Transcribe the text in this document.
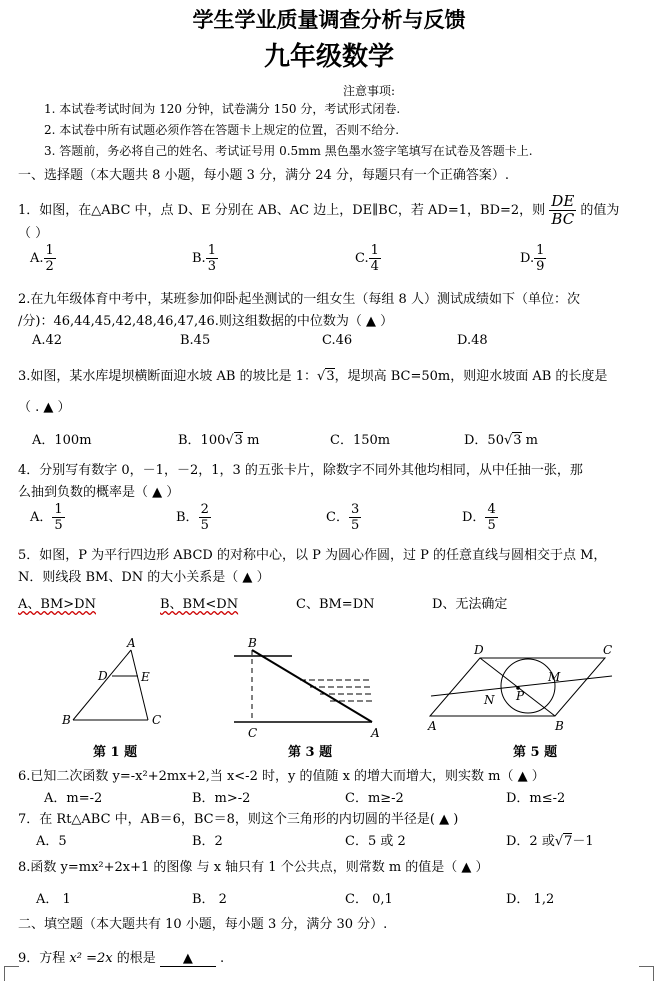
学生学业质量调查分析与反馈
九年级数学
注意事项:
1. 本试卷考试时间为 120 分钟，试卷满分 150 分，考试形式闭卷.
2. 本试卷中所有试题必须作答在答题卡上规定的位置，否则不给分.
3. 答题前，务必将自己的姓名、考试证号用 0.5mm 黑色墨水签字笔填写在试卷及答题卡上.
一、选择题（本大题共 8 小题，每小题 3 分，满分 24 分，每题只有一个正确答案）.
1．如图，在△ABC 中，点 D、E 分别在 AB、AC 边上，DE∥BC，若 AD=1，BD=2，则 $\frac{DE}{BC}$ 的值为
（ ）
A. $\frac{1}{2}$	B. $\frac{1}{3}$	C. $\frac{1}{4}$	D. $\frac{1}{9}$
2.在九年级体育中考中，某班参加仰卧起坐测试的一组女生（每组 8 人）测试成绩如下（单位：次
/分)：46,44,45,42,48,46,47,46.则这组数据的中位数为（ ▲ ）
A.42	B.45	C.46	D.48
3.如图，某水库堤坝横断面迎水坡 AB 的坡比是 1：√3，堤坝高 BC=50m，则迎水坡面 AB 的长度是
（ . ▲ ）
A．100m	B．100√3 m	C．150m	D．50√3 m
4．分别写有数字 0，－1，－2，1，3 的五张卡片，除数字不同外其他均相同，从中任抽一张，那
么抽到负数的概率是（ ▲ ）
A． $\frac{1}{5}$	B． $\frac{2}{5}$	C． $\frac{3}{5}$	D． $\frac{4}{5}$
5．如图，P 为平行四边形 ABCD 的对称中心，以 P 为圆心作圆，过 P 的任意直线与圆相交于点 M，
N．则线段 BM、DN 的大小关系是（ ▲ ）
A、BM>DN	B、BM<DN	C、BM=DN	D、无法确定
A
D	E
B	C
B
C	A
D	C
M
N P
A	B
第 1 题	第 3 题	第 5 题
6.已知二次函数 y=-x²+2mx+2,当 x<-2 时，y 的值随 x 的增大而增大，则实数 m（ ▲ ）
A．m=-2	B．m>-2	C．m≥-2	D．m≤-2
7．在 Rt△ABC 中，AB＝6，BC＝8，则这个三角形的内切圆的半径是( ▲ )
A．5	B．2	C．5 或 2	D．2 或√7－1
8.函数 y=mx²+2x+1 的图像 与 x 轴只有 1 个公共点，则常数 m 的值是（ ▲ ）
A． 1	B． 2	C． 0,1	D． 1,2
二、填空题（本大题共有 10 小题，每小题 3 分，满分 30 分）.
9．方程 x² =2x 的根是 ▲ .
